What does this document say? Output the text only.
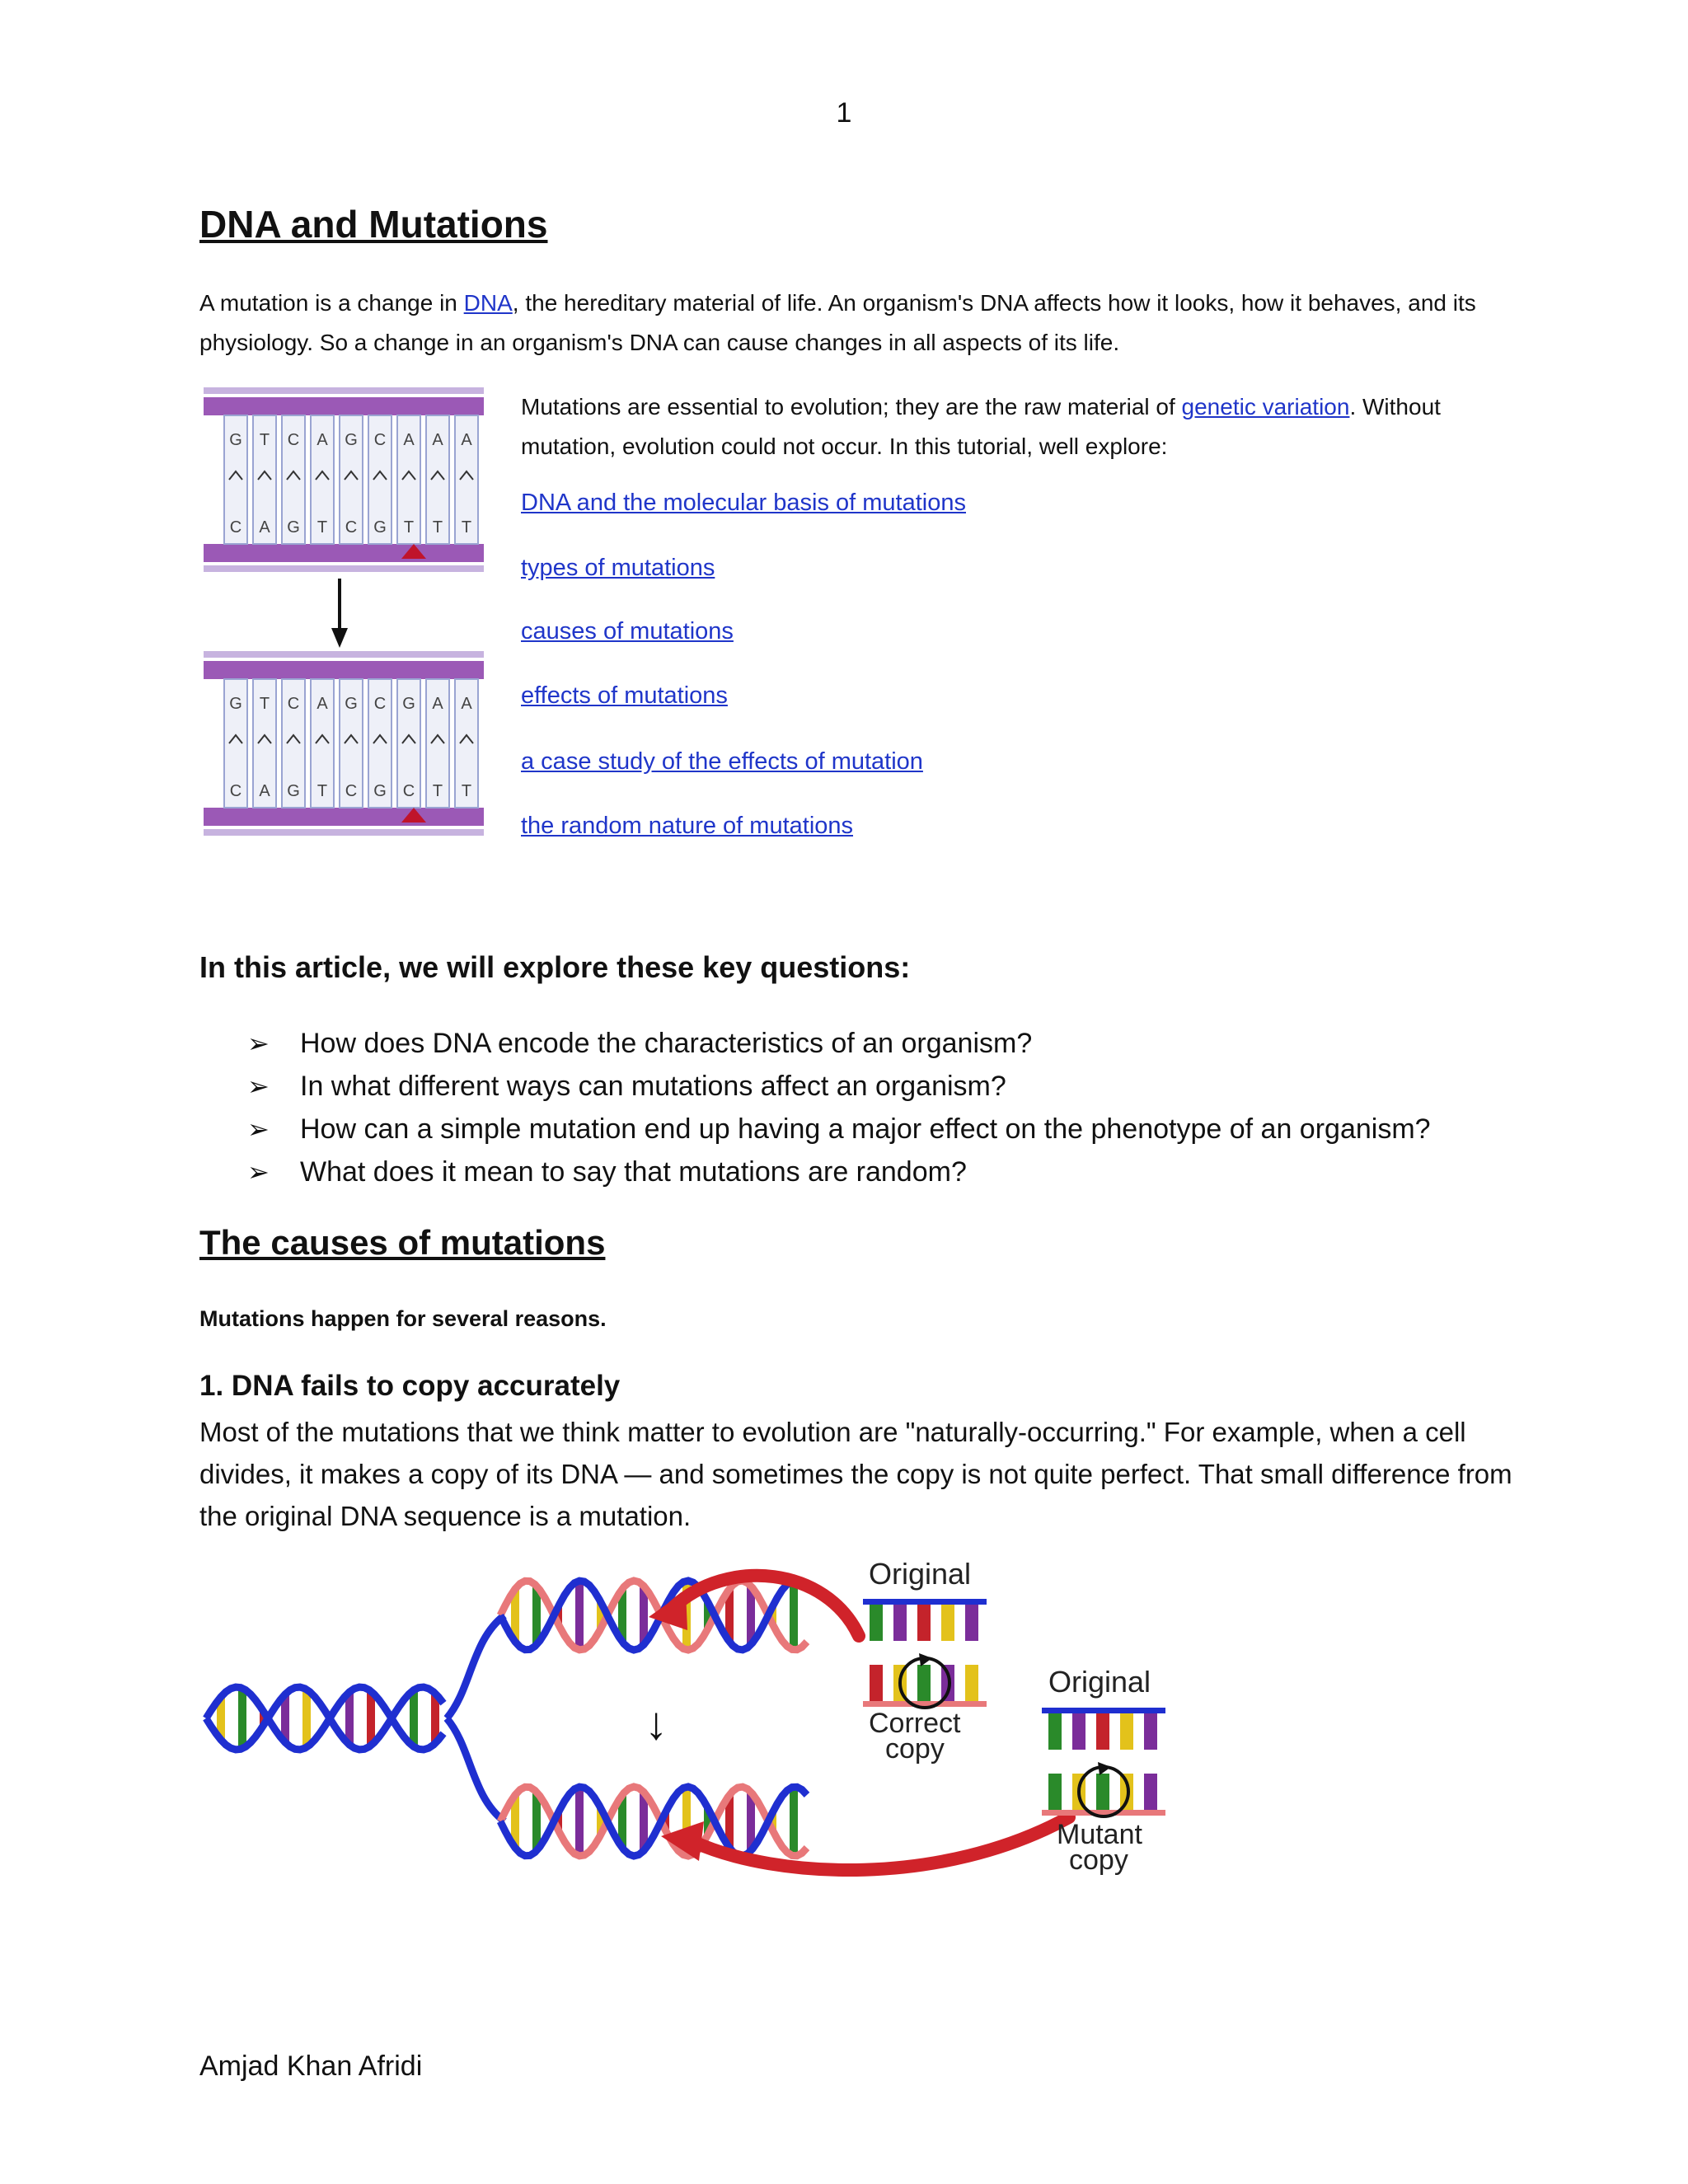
1
DNA and Mutations

A mutation is a change in DNA, the hereditary material of life. An organism's DNA affects how it looks, how it behaves, and its physiology. So a change in an organism's DNA can cause changes in all aspects of its life.

G
C
T
A
C
G
A
T
G
C
C
G
A
T
A
T
A
T
G
C
T
A
C
G
A
T
G
C
C
G
G
C
A
T
A
T

Mutations are essential to evolution; they are the raw material of genetic variation. Without mutation, evolution could not occur. In this tutorial, well explore:

DNA and the molecular basis of mutations
types of mutations
causes of mutations
effects of mutations
a case study of the effects of mutation
the random nature of mutations
In this article, we will explore these key questions:
➢ How does DNA encode the characteristics of an organism?
➢ In what different ways can mutations affect an organism?
➢ How can a simple mutation end up having a major effect on the phenotype of an organism?
➢ What does it mean to say that mutations are random?
The causes of mutations
Mutations happen for several reasons.
1. DNA fails to copy accurately

Most of the mutations that we think matter to evolution are "naturally-occurring." For example, when a cell divides, it makes a copy of its DNA — and sometimes the copy is not quite perfect. That small difference from the original DNA sequence is a mutation.

↓
Original
Correct
copy
Original
Mutant
copy
Amjad Khan Afridi
